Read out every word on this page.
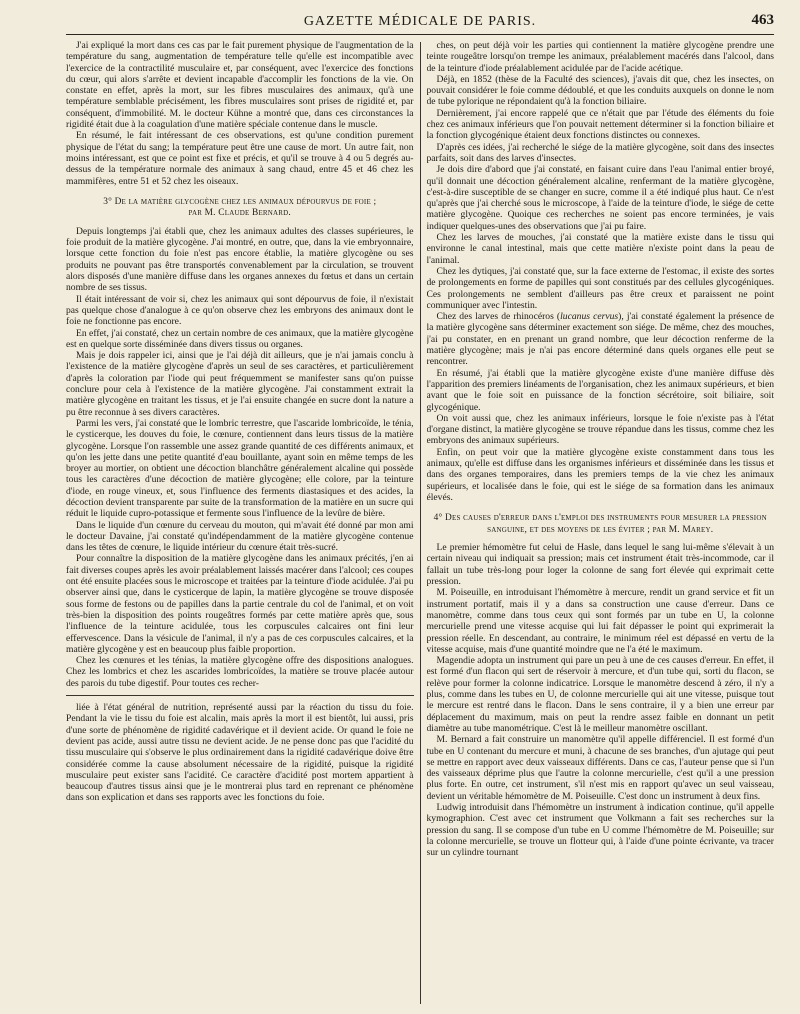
GAZETTE MÉDICALE DE PARIS.	463

J'ai expliqué la mort dans ces cas par le fait purement physique de l'augmentation de la température du sang, augmentation de température telle qu'elle est incompatible avec l'exercice de la contractilité musculaire et, par conséquent, avec l'exercice des fonctions du cœur, qui alors s'arrête et devient incapable d'accomplir les fonctions de la vie. On constate en effet, après la mort, sur les fibres musculaires des animaux, qu'à une température semblable précisément, les fibres musculaires sont prises de rigidité et, par conséquent, d'immobilité. M. le docteur Kühne a montré que, dans ces circonstances la rigidité était due à la coagulation d'une matière spéciale contenue dans le muscle.

En résumé, le fait intéressant de ces observations, est qu'une condition purement physique de l'état du sang; la température peut être une cause de mort. Un autre fait, non moins intéressant, est que ce point est fixe et précis, et qu'il se trouve à 4 ou 5 degrés au-dessus de la température normale des animaux à sang chaud, entre 45 et 46 chez les mammifères, entre 51 et 52 chez les oiseaux.

3° De la matière glycogène chez les animaux dépourvus de foie ;
par M. Claude Bernard.

Depuis longtemps j'ai établi que, chez les animaux adultes des classes supérieures, le foie produit de la matière glycogène. J'ai montré, en outre, que, dans la vie embryonnaire, lorsque cette fonction du foie n'est pas encore établie, la matière glycogène ou ses produits ne pouvant pas être transportés convenablement par la circulation, se trouvent alors disposés d'une manière diffuse dans les organes annexes du fœtus et dans un certain nombre de ses tissus.

Il était intéressant de voir si, chez les animaux qui sont dépourvus de foie, il n'existait pas quelque chose d'analogue à ce qu'on observe chez les embryons des animaux dont le foie ne fonctionne pas encore.

En effet, j'ai constaté, chez un certain nombre de ces animaux, que la matière glycogène est en quelque sorte disséminée dans divers tissus ou organes.

Mais je dois rappeler ici, ainsi que je l'ai déjà dit ailleurs, que je n'ai jamais conclu à l'existence de la matière glycogène d'après un seul de ses caractères, et particulièrement d'après la coloration par l'iode qui peut fréquemment se manifester sans qu'on puisse conclure pour cela à l'existence de la matière glycogène. J'ai constamment extrait la matière glycogène en traitant les tissus, et je l'ai ensuite changée en sucre dont la nature a pu être reconnue à ses divers caractères.

Parmi les vers, j'ai constaté que le lombric terrestre, que l'ascaride lombricoïde, le ténia, le cysticerque, les douves du foie, le cœnure, contiennent dans leurs tissus de la matière glycogène. Lorsque l'on rassemble une assez grande quantité de ces différents animaux, et qu'on les jette dans une petite quantité d'eau bouillante, ayant soin en même temps de les broyer au mortier, on obtient une décoction blanchâtre généralement alcaline qui possède tous les caractères d'une décoction de matière glycogène; elle colore, par la teinture d'iode, en rouge vineux, et, sous l'influence des ferments diastasiques et des acides, la décoction devient transparente par suite de la transformation de la matière en un sucre qui réduit le liquide cupro-potassique et fermente sous l'influence de la levûre de bière.

Dans le liquide d'un cœnure du cerveau du mouton, qui m'avait été donné par mon ami le docteur Davaine, j'ai constaté qu'indépendamment de la matière glycogène contenue dans les têtes de cœnure, le liquide intérieur du cœnure était très-sucré.

Pour connaître la disposition de la matière glycogène dans les animaux précités, j'en ai fait diverses coupes après les avoir préalablement laissés macérer dans l'alcool; ces coupes ont été ensuite placées sous le microscope et traitées par la teinture d'iode acidulée. J'ai pu observer ainsi que, dans le cysticerque de lapin, la matière glycogène se trouve disposée sous forme de festons ou de papilles dans la partie centrale du col de l'animal, et on voit très-bien la disposition des points rougeâtres formés par cette matière après que, sous l'influence de la teinture acidulée, tous les corpuscules calcaires ont fini leur effervescence. Dans la vésicule de l'animal, il n'y a pas de ces corpuscules calcaires, et la matière glycogène y est en beaucoup plus faible proportion.

Chez les cœnures et les ténias, la matière glycogène offre des dispositions analogues. Chez les lombrics et chez les ascarides lombricoïdes, la matière se trouve placée autour des parois du tube digestif. Pour toutes ces recher-

liée à l'état général de nutrition, représenté aussi par la réaction du tissu du foie. Pendant la vie le tissu du foie est alcalin, mais après la mort il est bientôt, lui aussi, pris d'une sorte de phénomène de rigidité cadavérique et il devient acide. Or quand le foie ne devient pas acide, aussi autre tissu ne devient acide. Je ne pense donc pas que l'acidité du tissu musculaire qui s'observe le plus ordinairement dans la rigidité cadavérique doive être considérée comme la cause absolument nécessaire de la rigidité, puisque la rigidité musculaire peut exister sans l'acidité. Ce caractère d'acidité post mortem appartient à beaucoup d'autres tissus ainsi que je le montrerai plus tard en reprenant ce phénomène dans son explication et dans ses rapports avec les fonctions du foie.

ches, on peut déjà voir les parties qui contiennent la matière glycogène prendre une teinte rougeâtre lorsqu'on trempe les animaux, préalablement macérés dans l'alcool, dans de la teinture d'iode préalablement acidulée par de l'acide acétique.

Déjà, en 1852 (thèse de la Faculté des sciences), j'avais dit que, chez les insectes, on pouvait considérer le foie comme dédoublé, et que les conduits auxquels on donne le nom de tube pylorique ne répondaient qu'à la fonction biliaire.

Dernièrement, j'ai encore rappelé que ce n'était que par l'étude des éléments du foie chez ces animaux inférieurs que l'on pouvait nettement déterminer si la fonction biliaire et la fonction glycogénique étaient deux fonctions distinctes ou connexes.

D'après ces idées, j'ai recherché le siége de la matière glycogène, soit dans des insectes parfaits, soit dans des larves d'insectes.

Je dois dire d'abord que j'ai constaté, en faisant cuire dans l'eau l'animal entier broyé, qu'il donnait une décoction généralement alcaline, renfermant de la matière glycogène, c'est-à-dire susceptible de se changer en sucre, comme il a été indiqué plus haut. Ce n'est qu'après que j'ai cherché sous le microscope, à l'aide de la teinture d'iode, le siége de cette matière glycogène. Quoique ces recherches ne soient pas encore terminées, je vais indiquer quelques-unes des observations que j'ai pu faire.

Chez les larves de mouches, j'ai constaté que la matière existe dans le tissu qui environne le canal intestinal, mais que cette matière n'existe point dans la peau de l'animal.

Chez les dytiques, j'ai constaté que, sur la face externe de l'estomac, il existe des sortes de prolongements en forme de papilles qui sont constitués par des cellules glycogéniques. Ces prolongements ne semblent d'ailleurs pas être creux et paraissent ne point communiquer avec l'intestin.

Chez des larves de rhinocéros (lucanus cervus), j'ai constaté également la présence de la matière glycogène sans déterminer exactement son siége. De même, chez des mouches, j'ai pu constater, en en prenant un grand nombre, que leur décoction renferme de la matière glycogène; mais je n'ai pas encore déterminé dans quels organes elle peut se rencontrer.

En résumé, j'ai établi que la matière glycogène existe d'une manière diffuse dès l'apparition des premiers linéaments de l'organisation, chez les animaux supérieurs, et bien avant que le foie soit en puissance de la fonction sécrétoire, soit biliaire, soit glycogénique.

On voit aussi que, chez les animaux inférieurs, lorsque le foie n'existe pas à l'état d'organe distinct, la matière glycogène se trouve répandue dans les tissus, comme chez les embryons des animaux supérieurs.

Enfin, on peut voir que la matière glycogène existe constamment dans tous les animaux, qu'elle est diffuse dans les organismes inférieurs et disséminée dans les tissus et dans des organes temporaires, dans les premiers temps de la vie chez les animaux supérieurs, et localisée dans le foie, qui est le siége de sa formation dans les animaux élevés.

4° Des causes d'erreur dans l'emploi des instruments pour mesurer la pression sanguine, et des moyens de les éviter ; par M. Marey.

Le premier hémomètre fut celui de Hasle, dans lequel le sang lui-même s'élevait à un certain niveau qui indiquait sa pression; mais cet instrument était très-incommode, car il fallait un tube très-long pour loger la colonne de sang fort élevée qui exprimait cette pression.

M. Poiseuille, en introduisant l'hémomètre à mercure, rendit un grand service et fit un instrument portatif, mais il y a dans sa construction une cause d'erreur. Dans ce manomètre, comme dans tous ceux qui sont formés par un tube en U, la colonne mercurielle prend une vitesse acquise qui lui fait dépasser le point qui exprimerait la pression réelle. En descendant, au contraire, le minimum réel est dépassé en vertu de la vitesse acquise, mais d'une quantité moindre que ne l'a été le maximum.

Magendie adopta un instrument qui pare un peu à une de ces causes d'erreur. En effet, il est formé d'un flacon qui sert de réservoir à mercure, et d'un tube qui, sorti du flacon, se relève pour former la colonne indicatrice. Lorsque le manomètre descend à zéro, il n'y a plus, comme dans les tubes en U, de colonne mercurielle qui ait une vitesse, puisque tout le mercure est rentré dans le flacon. Dans le sens contraire, il y a bien une erreur par déplacement du maximum, mais on peut la rendre assez faible en donnant un petit diamètre au tube manométrique. C'est là le meilleur manomètre oscillant.

M. Bernard a fait construire un manomètre qu'il appelle différenciel. Il est formé d'un tube en U contenant du mercure et muni, à chacune de ses branches, d'un ajutage qui peut se mettre en rapport avec deux vaisseaux différents. Dans ce cas, l'auteur pense que si l'un des vaisseaux déprime plus que l'autre la colonne mercurielle, c'est qu'il a une pression plus forte. En outre, cet instrument, s'il n'est mis en rapport qu'avec un seul vaisseau, devient un véritable hémomètre de M. Poiseuille. C'est donc un instrument à deux fins.

Ludwig introduisit dans l'hémomètre un instrument à indication continue, qu'il appelle kymographion. C'est avec cet instrument que Volkmann a fait ses recherches sur la pression du sang. Il se compose d'un tube en U comme l'hémomètre de M. Poiseuille; sur la colonne mercurielle, se trouve un flotteur qui, à l'aide d'une pointe écrivante, va tracer sur un cylindre tournant
